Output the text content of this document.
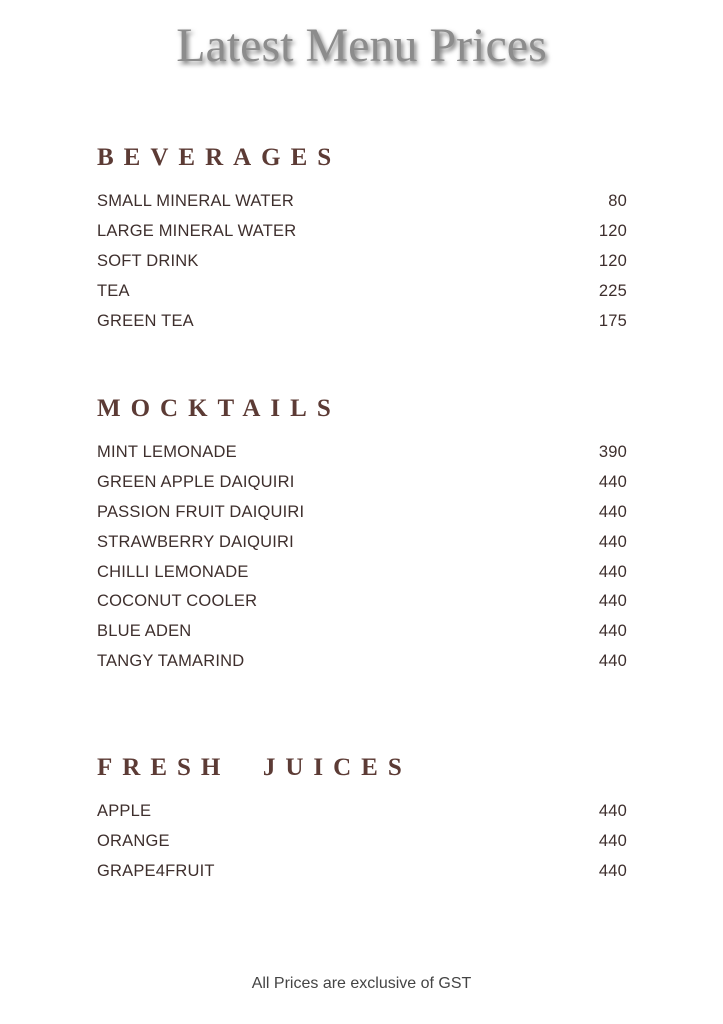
Latest Menu Prices
BEVERAGES
SMALL MINERAL WATER	80
LARGE MINERAL WATER	120
SOFT DRINK	120
TEA	225
GREEN TEA	175
MOCKTAILS
MINT LEMONADE	390
GREEN APPLE DAIQUIRI	440
PASSION FRUIT DAIQUIRI	440
STRAWBERRY DAIQUIRI	440
CHILLI LEMONADE	440
COCONUT COOLER	440
BLUE ADEN	440
TANGY TAMARIND	440
FRESH  JUICES
APPLE	440
ORANGE	440
GRAPE4FRUIT	440

All Prices are exclusive of GST
